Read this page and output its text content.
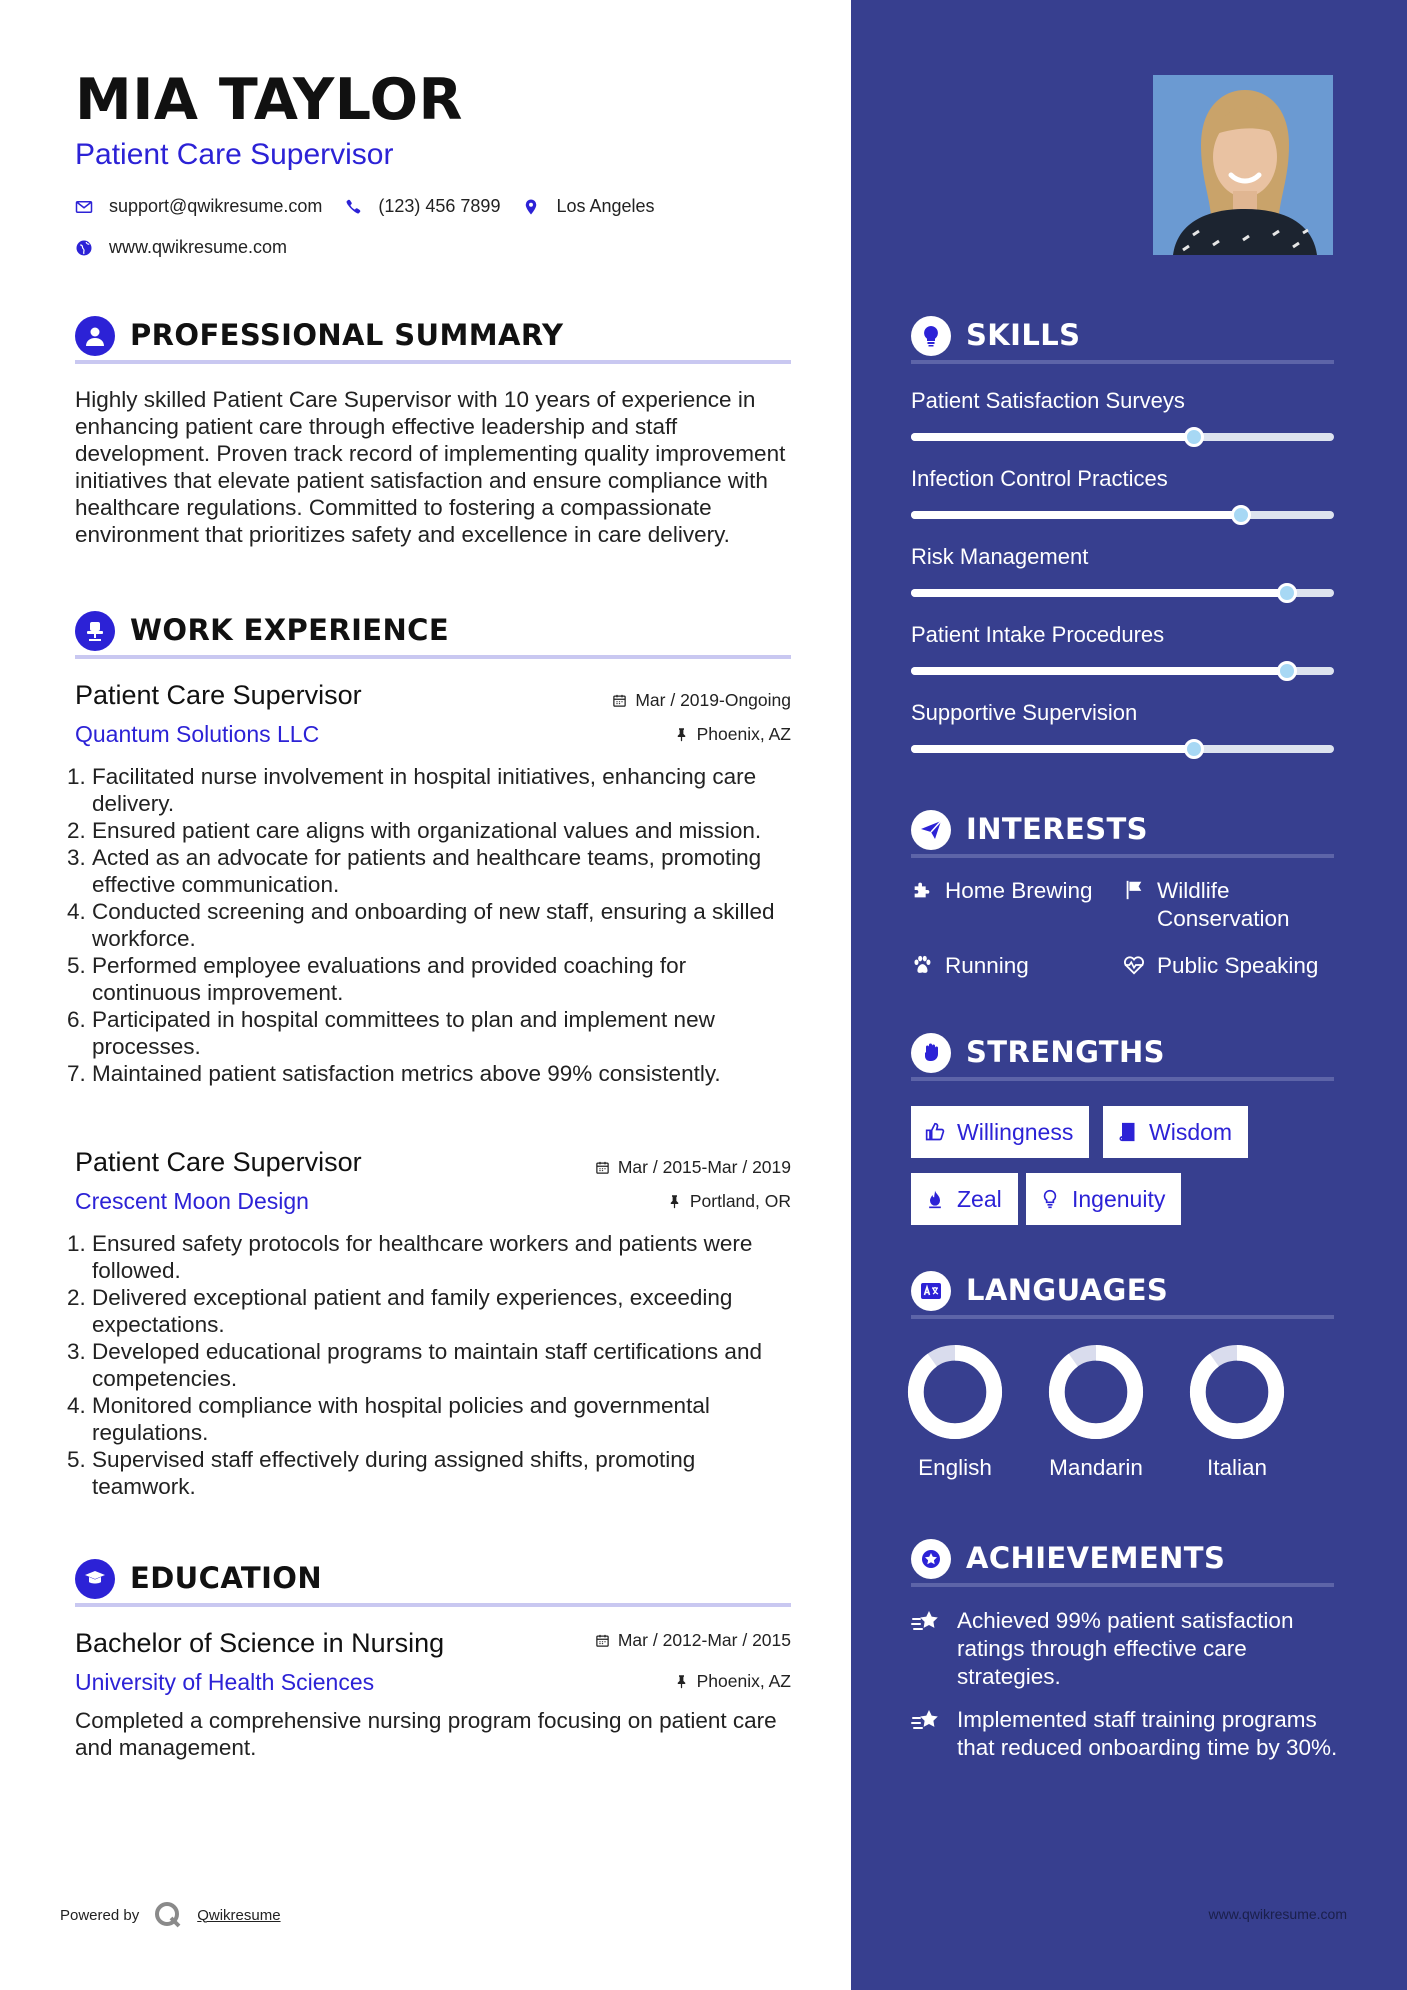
MIA TAYLOR
Patient Care Supervisor
support@qwikresume.com	(123) 456 7899	Los Angeles
www.qwikresume.com
PROFESSIONAL SUMMARY
Highly skilled Patient Care Supervisor with 10 years of experience in enhancing patient care through effective leadership and staff development. Proven track record of implementing quality improvement initiatives that elevate patient satisfaction and ensure compliance with healthcare regulations. Committed to fostering a compassionate environment that prioritizes safety and excellence in care delivery.
WORK EXPERIENCE
Patient Care Supervisor	Mar / 2019-Ongoing
Quantum Solutions LLC	Phoenix, AZ
1. Facilitated nurse involvement in hospital initiatives, enhancing care delivery.
2. Ensured patient care aligns with organizational values and mission.
3. Acted as an advocate for patients and healthcare teams, promoting effective communication.
4. Conducted screening and onboarding of new staff, ensuring a skilled workforce.
5. Performed employee evaluations and provided coaching for continuous improvement.
6. Participated in hospital committees to plan and implement new processes.
7. Maintained patient satisfaction metrics above 99% consistently.
Patient Care Supervisor	Mar / 2015-Mar / 2019
Crescent Moon Design	Portland, OR
1. Ensured safety protocols for healthcare workers and patients were followed.
2. Delivered exceptional patient and family experiences, exceeding expectations.
3. Developed educational programs to maintain staff certifications and competencies.
4. Monitored compliance with hospital policies and governmental regulations.
5. Supervised staff effectively during assigned shifts, promoting teamwork.
EDUCATION
Bachelor of Science in Nursing	Mar / 2012-Mar / 2015
University of Health Sciences	Phoenix, AZ
Completed a comprehensive nursing program focusing on patient care and management.
Powered by	Qwikresume
SKILLS
Patient Satisfaction Surveys
Infection Control Practices
Risk Management
Patient Intake Procedures
Supportive Supervision
INTERESTS
Home Brewing	Wildlife Conservation
Running	Public Speaking
STRENGTHS
Willingness	Wisdom
Zeal	Ingenuity
LANGUAGES
English	Mandarin	Italian
ACHIEVEMENTS
Achieved 99% patient satisfaction ratings through effective care strategies.
Implemented staff training programs that reduced onboarding time by 30%.
www.qwikresume.com
